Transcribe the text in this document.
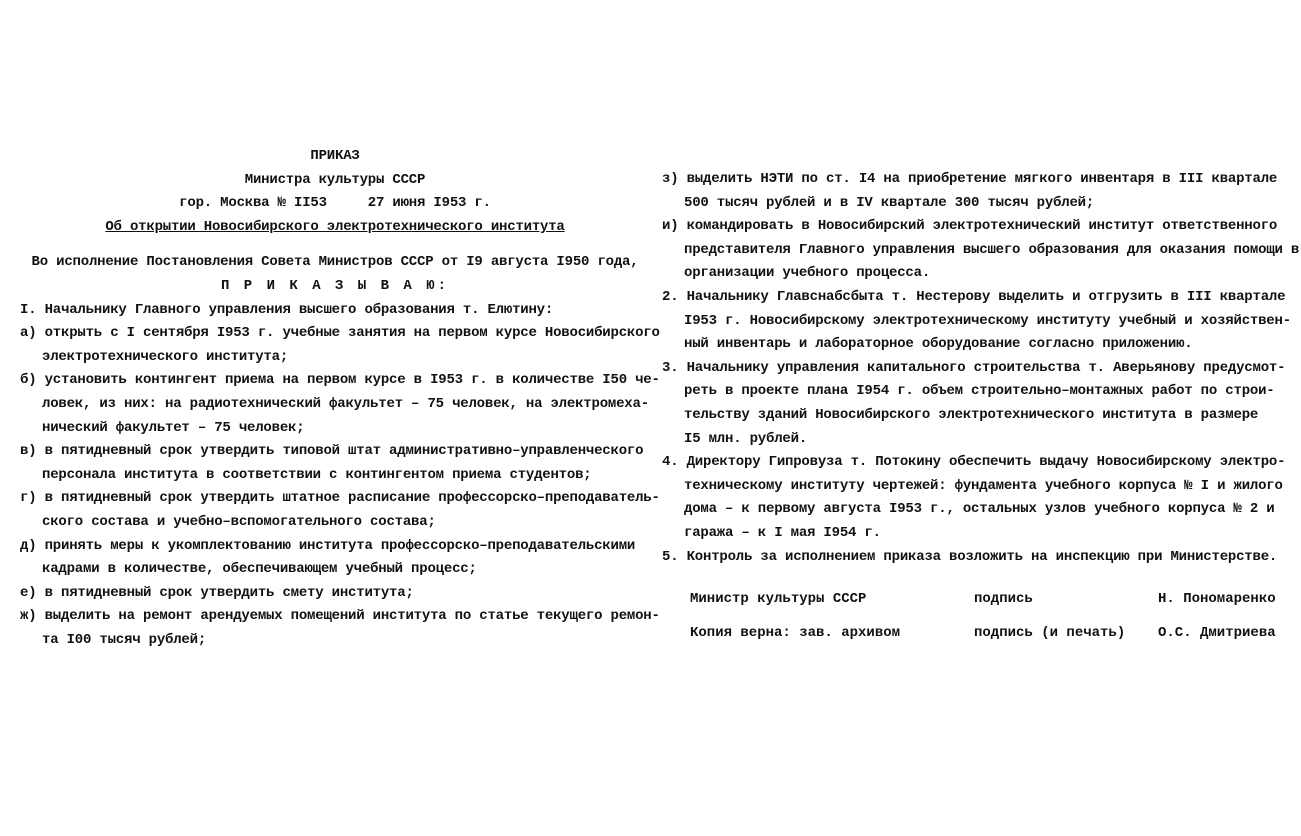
ПРИКАЗ
Министра культуры СССР
гор. Москва № II53     27 июня I953 г.
Об открытии Новосибирского электротехнического института
Во исполнение Постановления Совета Министров СССР от I9 августа I950 года,
П Р И К А З Ы В А Ю:
I. Начальнику Главного управления высшего образования т. Елютину:
а) открыть с I сентября I953 г. учебные занятия на первом курсе Новосибирского
электротехнического института;
б) установить контингент приема на первом курсе в I953 г. в количестве I50 че-
ловек, из них: на радиотехнический факультет – 75 человек, на электромеха-
нический факультет – 75 человек;
в) в пятидневный срок утвердить типовой штат административно–управленческого
персонала института в соответствии с контингентом приема студентов;
г) в пятидневный срок утвердить штатное расписание профессорско–преподаватель-
ского состава и учебно–вспомогательного состава;
д) принять меры к укомплектованию института профессорско–преподавательскими
кадрами в количестве, обеспечивающем учебный процесс;
е) в пятидневный срок утвердить смету института;
ж) выделить на ремонт арендуемых помещений института по статье текущего ремон-
та I00 тысяч рублей;
з) выделить НЭТИ по ст. I4 на приобретение мягкого инвентаря в III квартале
500 тысяч рублей и в IV квартале 300 тысяч рублей;
и) командировать в Новосибирский электротехнический институт ответственного
представителя Главного управления высшего образования для оказания помощи в
организации учебного процесса.
2. Начальнику Главснабсбыта т. Нестерову выделить и отгрузить в III квартале
I953 г. Новосибирскому электротехническому институту учебный и хозяйствен-
ный инвентарь и лабораторное оборудование согласно приложению.
3. Начальнику управления капитального строительства т. Аверьянову предусмот-
реть в проекте плана I954 г. объем строительно–монтажных работ по строи-
тельству зданий Новосибирского электротехнического института в размере
I5 млн. рублей.
4. Директору Гипровуза т. Потокину обеспечить выдачу Новосибирскому электро-
техническому институту чертежей: фундамента учебного корпуса № I и жилого
дома – к первому августа I953 г., остальных узлов учебного корпуса № 2 и
гаража – к I мая I954 г.
5. Контроль за исполнением приказа возложить на инспекцию при Министерстве.
Министр культуры СССР	подпись	Н. Пономаренко
Копия верна: зав. архивом	подпись (и печать) О.С. Дмитриева
